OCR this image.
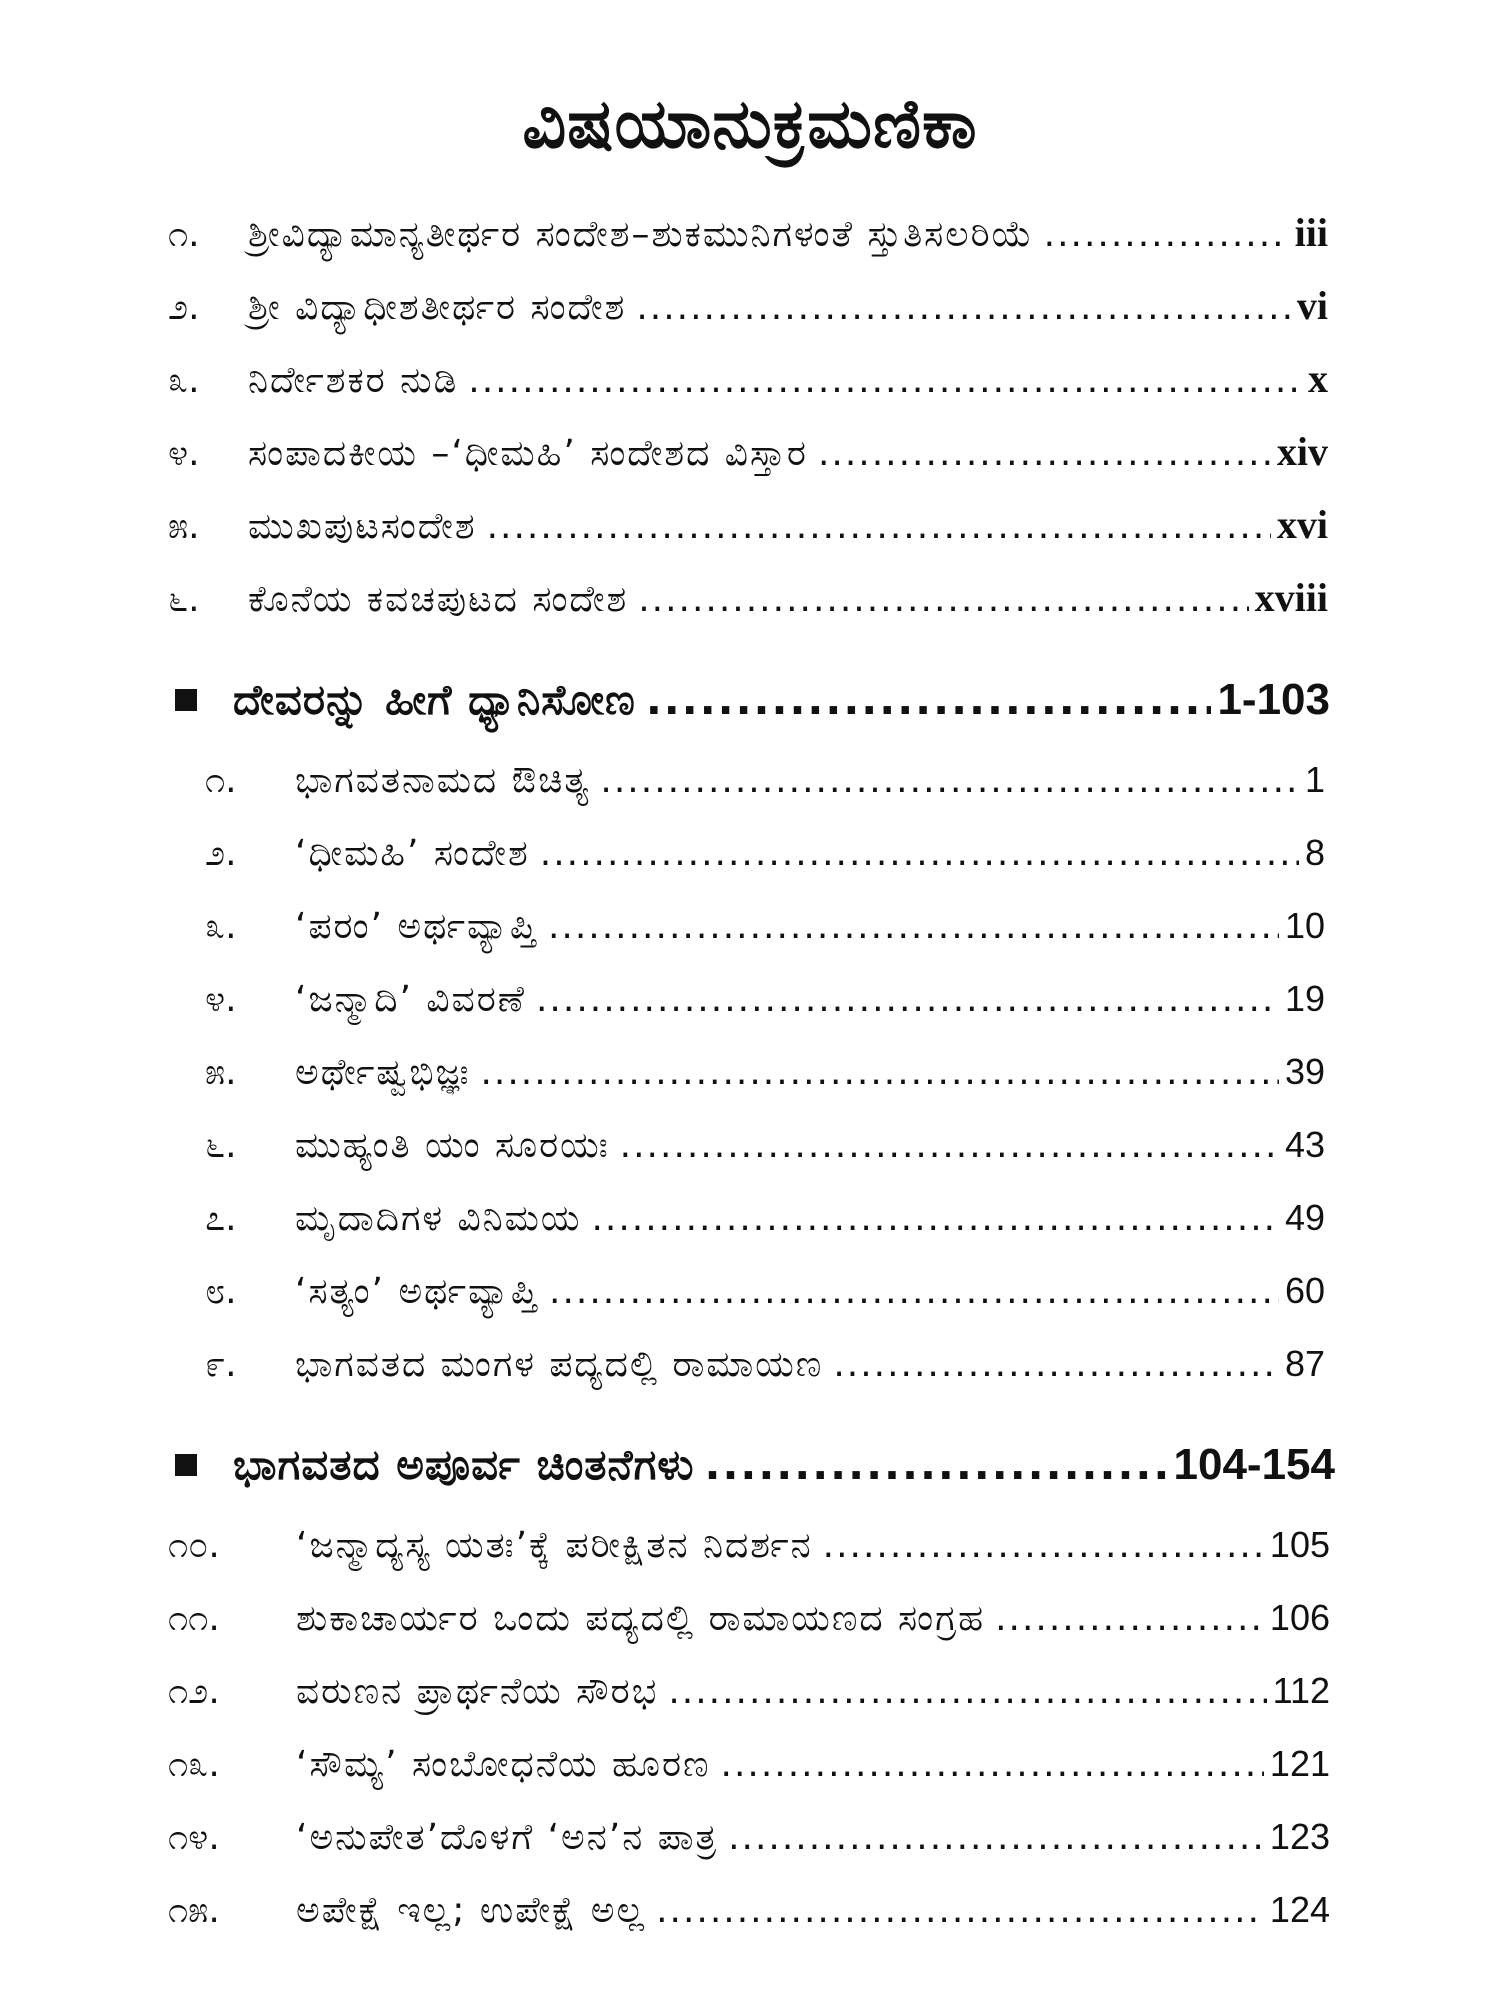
ವಿಷಯಾನುಕ್ರಮಣಿಕಾ
೧.	ಶ್ರೀವಿದ್ಯಾಮಾನ್ಯತೀರ್ಥರ ಸಂದೇಶ–ಶುಕಮುನಿಗಳಂತೆ ಸ್ತುತಿಸಲರಿಯೆ .....	iii
೨.	ಶ್ರೀ ವಿದ್ಯಾಧೀಶತೀರ್ಥರ ಸಂದೇಶ .....	vi
೩.	ನಿರ್ದೇಶಕರ ನುಡಿ .....	x
೪.	ಸಂಪಾದಕೀಯ –‘ಧೀಮಹಿ’ ಸಂದೇಶದ ವಿಸ್ತಾರ .....	xiv
೫.	ಮುಖಪುಟಸಂದೇಶ .....	xvi
೬.	ಕೊನೆಯ ಕವಚಪುಟದ ಸಂದೇಶ .....	xviii
ದೇವರನ್ನು ಹೀಗೆ ಧ್ಯಾನಿಸೋಣ .....	1-103
೧.	ಭಾಗವತನಾಮದ ಔಚಿತ್ಯ .....	1
೨.	‘ಧೀಮಹಿ’ ಸಂದೇಶ .....	8
೩.	‘ಪರಂ’ ಅರ್ಥವ್ಯಾಪ್ತಿ .....	10
೪.	‘ಜನ್ಮಾದಿ’ ವಿವರಣೆ .....	19
೫.	ಅರ್ಥೇಷ್ವಭಿಜ್ಞಃ .....	39
೬.	ಮುಹ್ಯಂತಿ ಯಂ ಸೂರಯಃ .....	43
೭.	ಮೃದಾದಿಗಳ ವಿನಿಮಯ .....	49
೮.	‘ಸತ್ಯಂ’ ಅರ್ಥವ್ಯಾಪ್ತಿ .....	60
೯.	ಭಾಗವತದ ಮಂಗಳ ಪದ್ಯದಲ್ಲಿ ರಾಮಾಯಣ .....	87
ಭಾಗವತದ ಅಪೂರ್ವ ಚಿಂತನೆಗಳು .....	104-154
೧೦.	‘ಜನ್ಮಾದ್ಯಸ್ಯ ಯತಃ’ಕ್ಕೆ ಪರೀಕ್ಷಿತನ ನಿದರ್ಶನ .....	105
೧೧.	ಶುಕಾಚಾರ್ಯರ ಒಂದು ಪದ್ಯದಲ್ಲಿ ರಾಮಾಯಣದ ಸಂಗ್ರಹ .....	106
೧೨.	ವರುಣನ ಪ್ರಾರ್ಥನೆಯ ಸೌರಭ .....	112
೧೩.	‘ಸೌಮ್ಯ’ ಸಂಬೋಧನೆಯ ಹೂರಣ .....	121
೧೪.	‘ಅನುಪೇತ’ದೊಳಗೆ ‘ಅನ’ನ ಪಾತ್ರ .....	123
೧೫.	ಅಪೇಕ್ಷೆ ಇಲ್ಲ; ಉಪೇಕ್ಷೆ ಅಲ್ಲ .....	124
